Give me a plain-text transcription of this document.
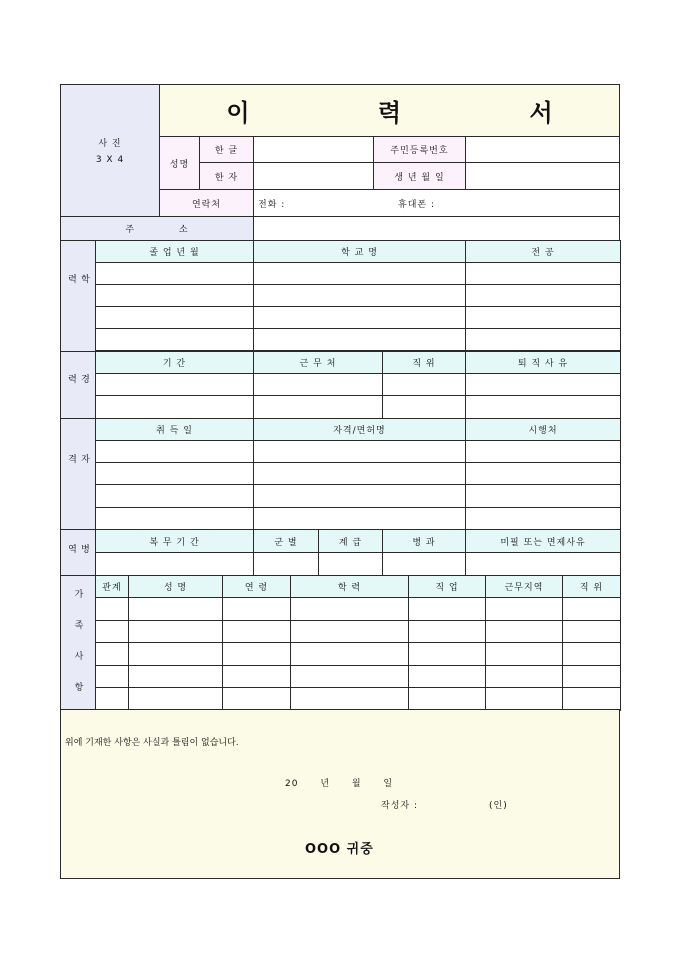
사 진
3 X 4
이 력 서
성명
한 글	주민등록번호
한 자	생 년 월 일
연락처	전화 :	휴대폰 :
주 소
학 력
졸 업 년 월	학 교 명	전 공
경 력
기 간	근 무 처	직 위	퇴 직 사 유
자 격
취 득 일	자격/면허명	시행처
병 역
복 무 기 간	군 별	계 급	병 과	미필 또는 면제사유
가 족 사 항
관계	성 명	연 령	학 력	직 업	근무지역	직 위
위에 기재한 사항은 사실과 틀림이 없습니다.
20 년 월 일
작성자 :	(인)
OOO 귀중
